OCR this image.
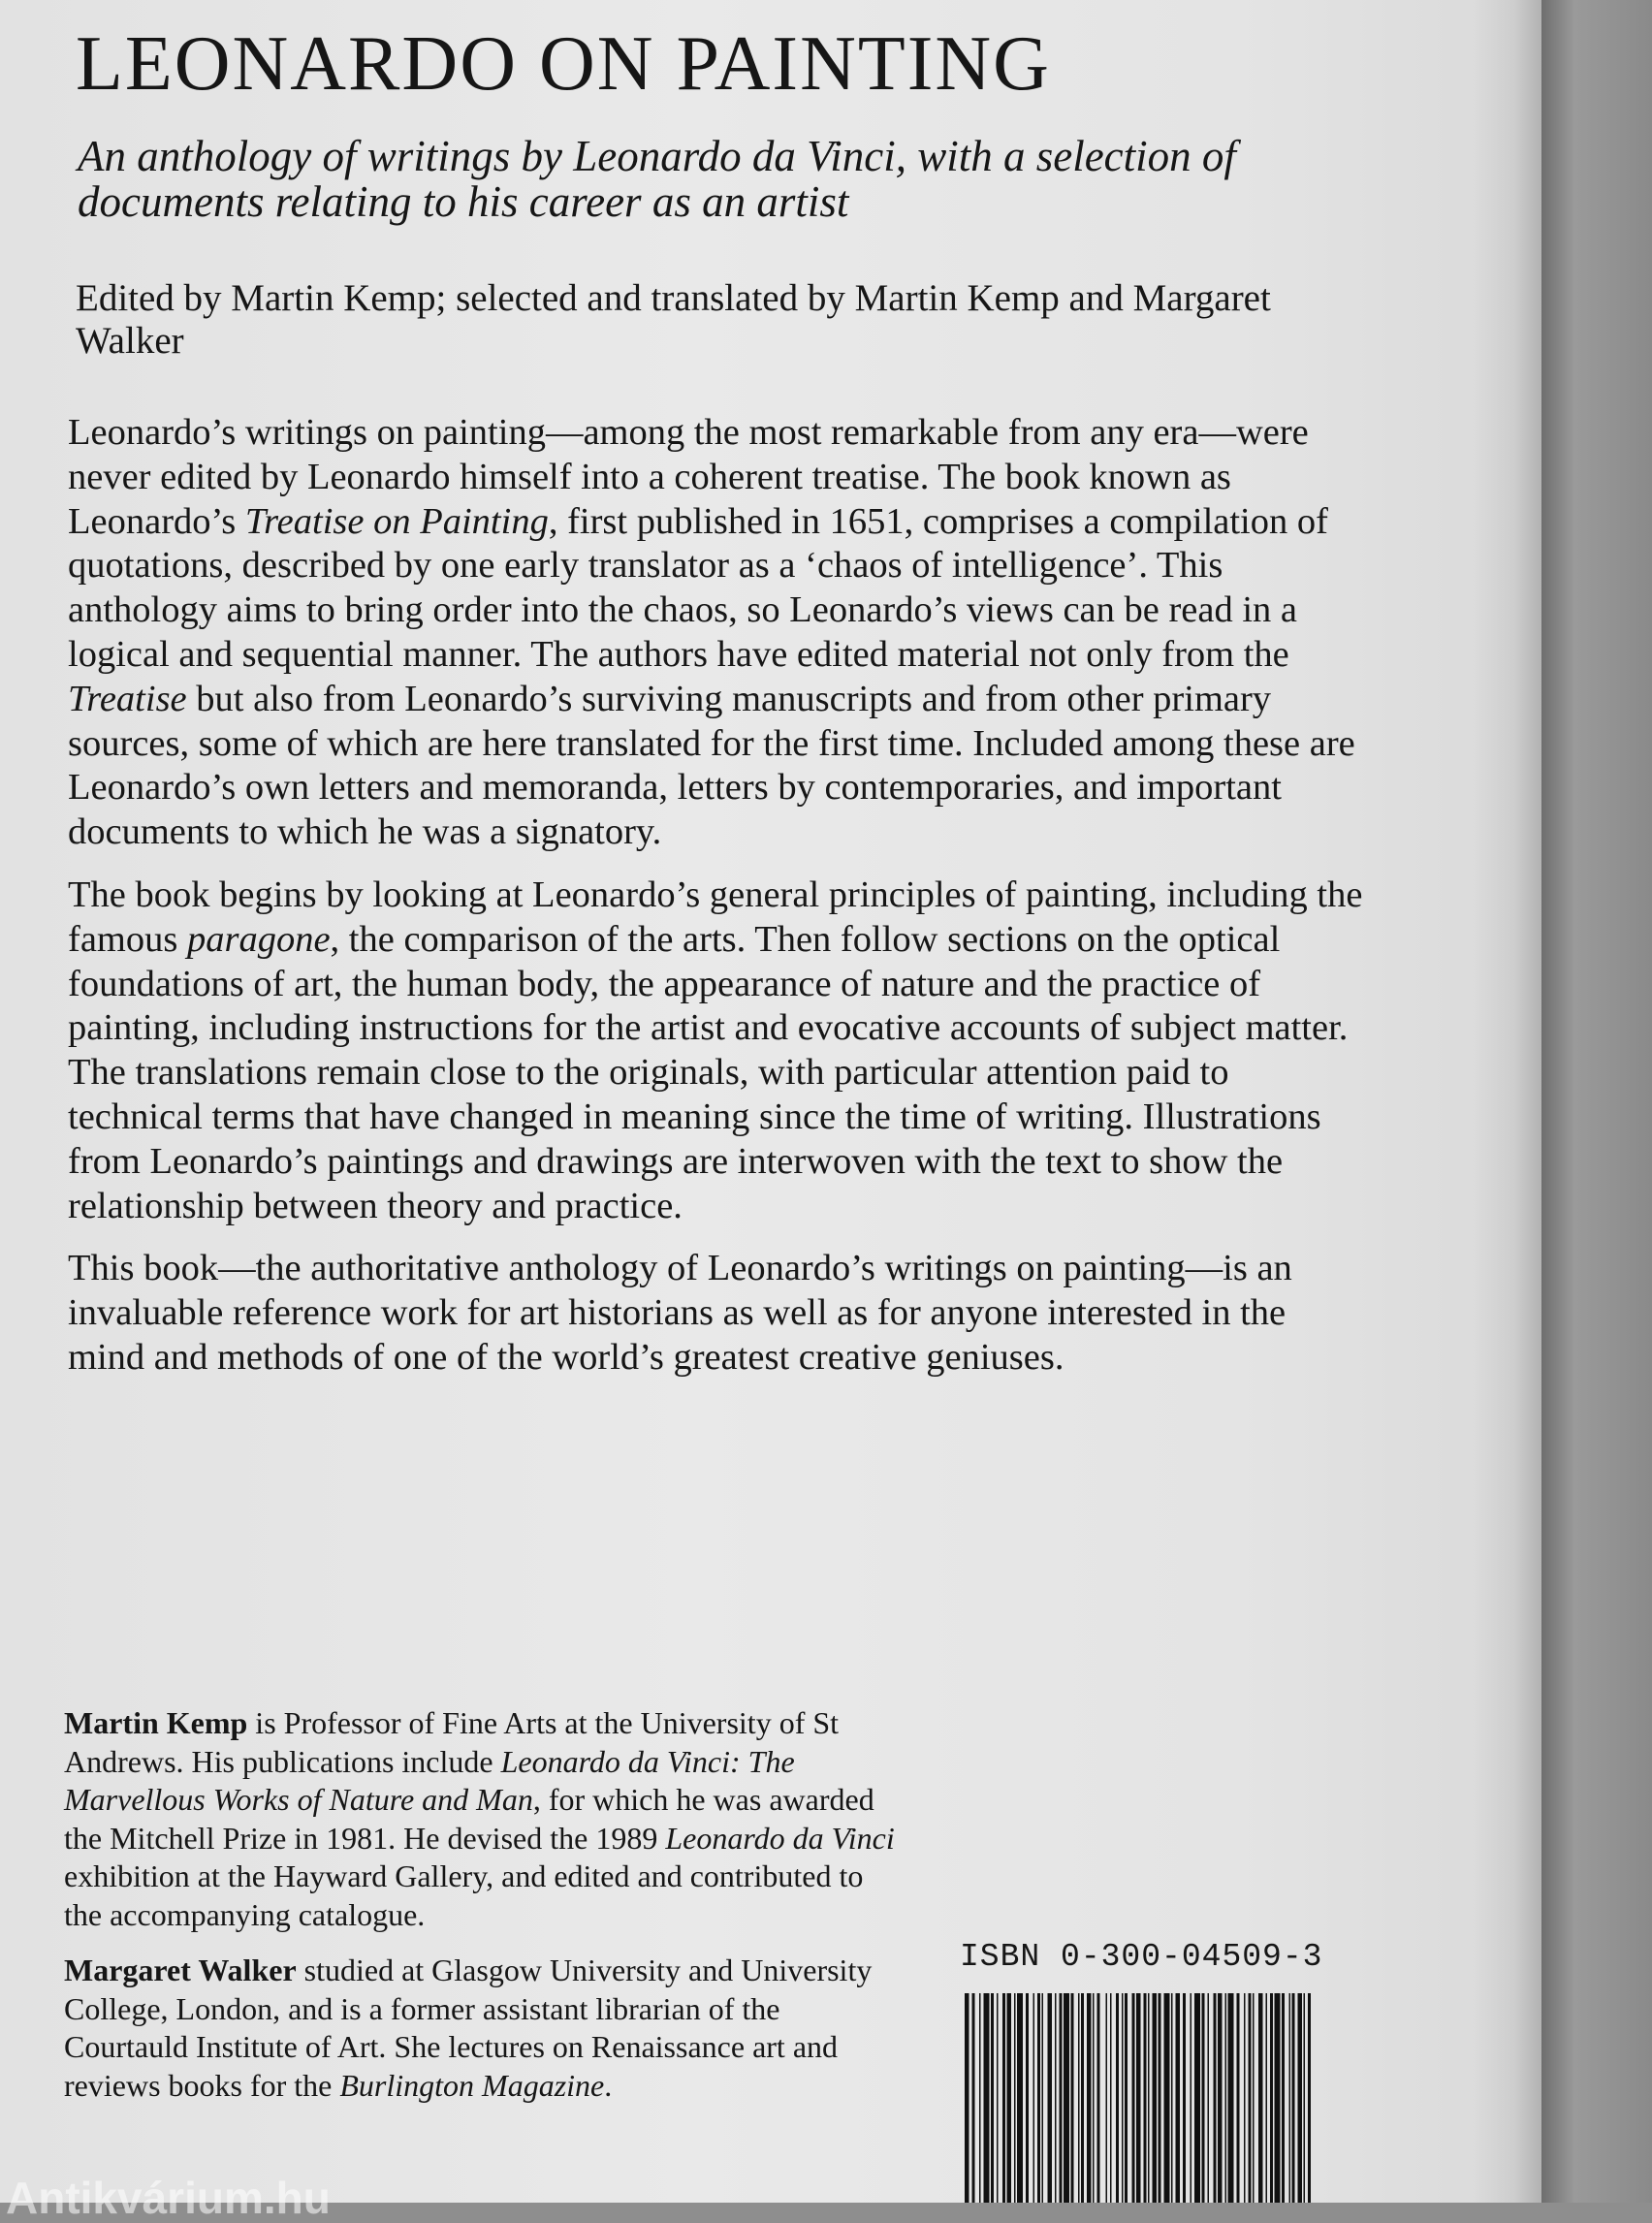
LEONARDO ON PAINTING

An anthology of writings by Leonardo da Vinci, with a selection of documents relating to his career as an artist

Edited by Martin Kemp; selected and translated by Martin Kemp and Margaret Walker

Leonardo’s writings on painting—among the most remarkable from any era—were never edited by Leonardo himself into a coherent treatise. The book known as Leonardo’s Treatise on Painting, first published in 1651, comprises a compilation of quotations, described by one early translator as a ‘chaos of intelligence’. This anthology aims to bring order into the chaos, so Leonardo’s views can be read in a logical and sequential manner. The authors have edited material not only from the Treatise but also from Leonardo’s surviving manuscripts and from other primary sources, some of which are here translated for the first time. Included among these are Leonardo’s own letters and memoranda, letters by contemporaries, and important documents to which he was a signatory.

The book begins by looking at Leonardo’s general principles of painting, including the famous paragone, the comparison of the arts. Then follow sections on the optical foundations of art, the human body, the appearance of nature and the practice of painting, including instructions for the artist and evocative accounts of subject matter. The translations remain close to the originals, with particular attention paid to technical terms that have changed in meaning since the time of writing. Illustrations from Leonardo’s paintings and drawings are interwoven with the text to show the relationship between theory and practice.

This book—the authoritative anthology of Leonardo’s writings on painting—is an invaluable reference work for art historians as well as for anyone interested in the mind and methods of one of the world’s greatest creative geniuses.

Martin Kemp is Professor of Fine Arts at the University of St Andrews. His publications include Leonardo da Vinci: The Marvellous Works of Nature and Man, for which he was awarded the Mitchell Prize in 1981. He devised the 1989 Leonardo da Vinci exhibition at the Hayward Gallery, and edited and contributed to the accompanying catalogue.

Margaret Walker studied at Glasgow University and University College, London, and is a former assistant librarian of the Courtauld Institute of Art. She lectures on Renaissance art and reviews books for the Burlington Magazine.

ISBN 0-300-04509-3
Antikvárium.hu
